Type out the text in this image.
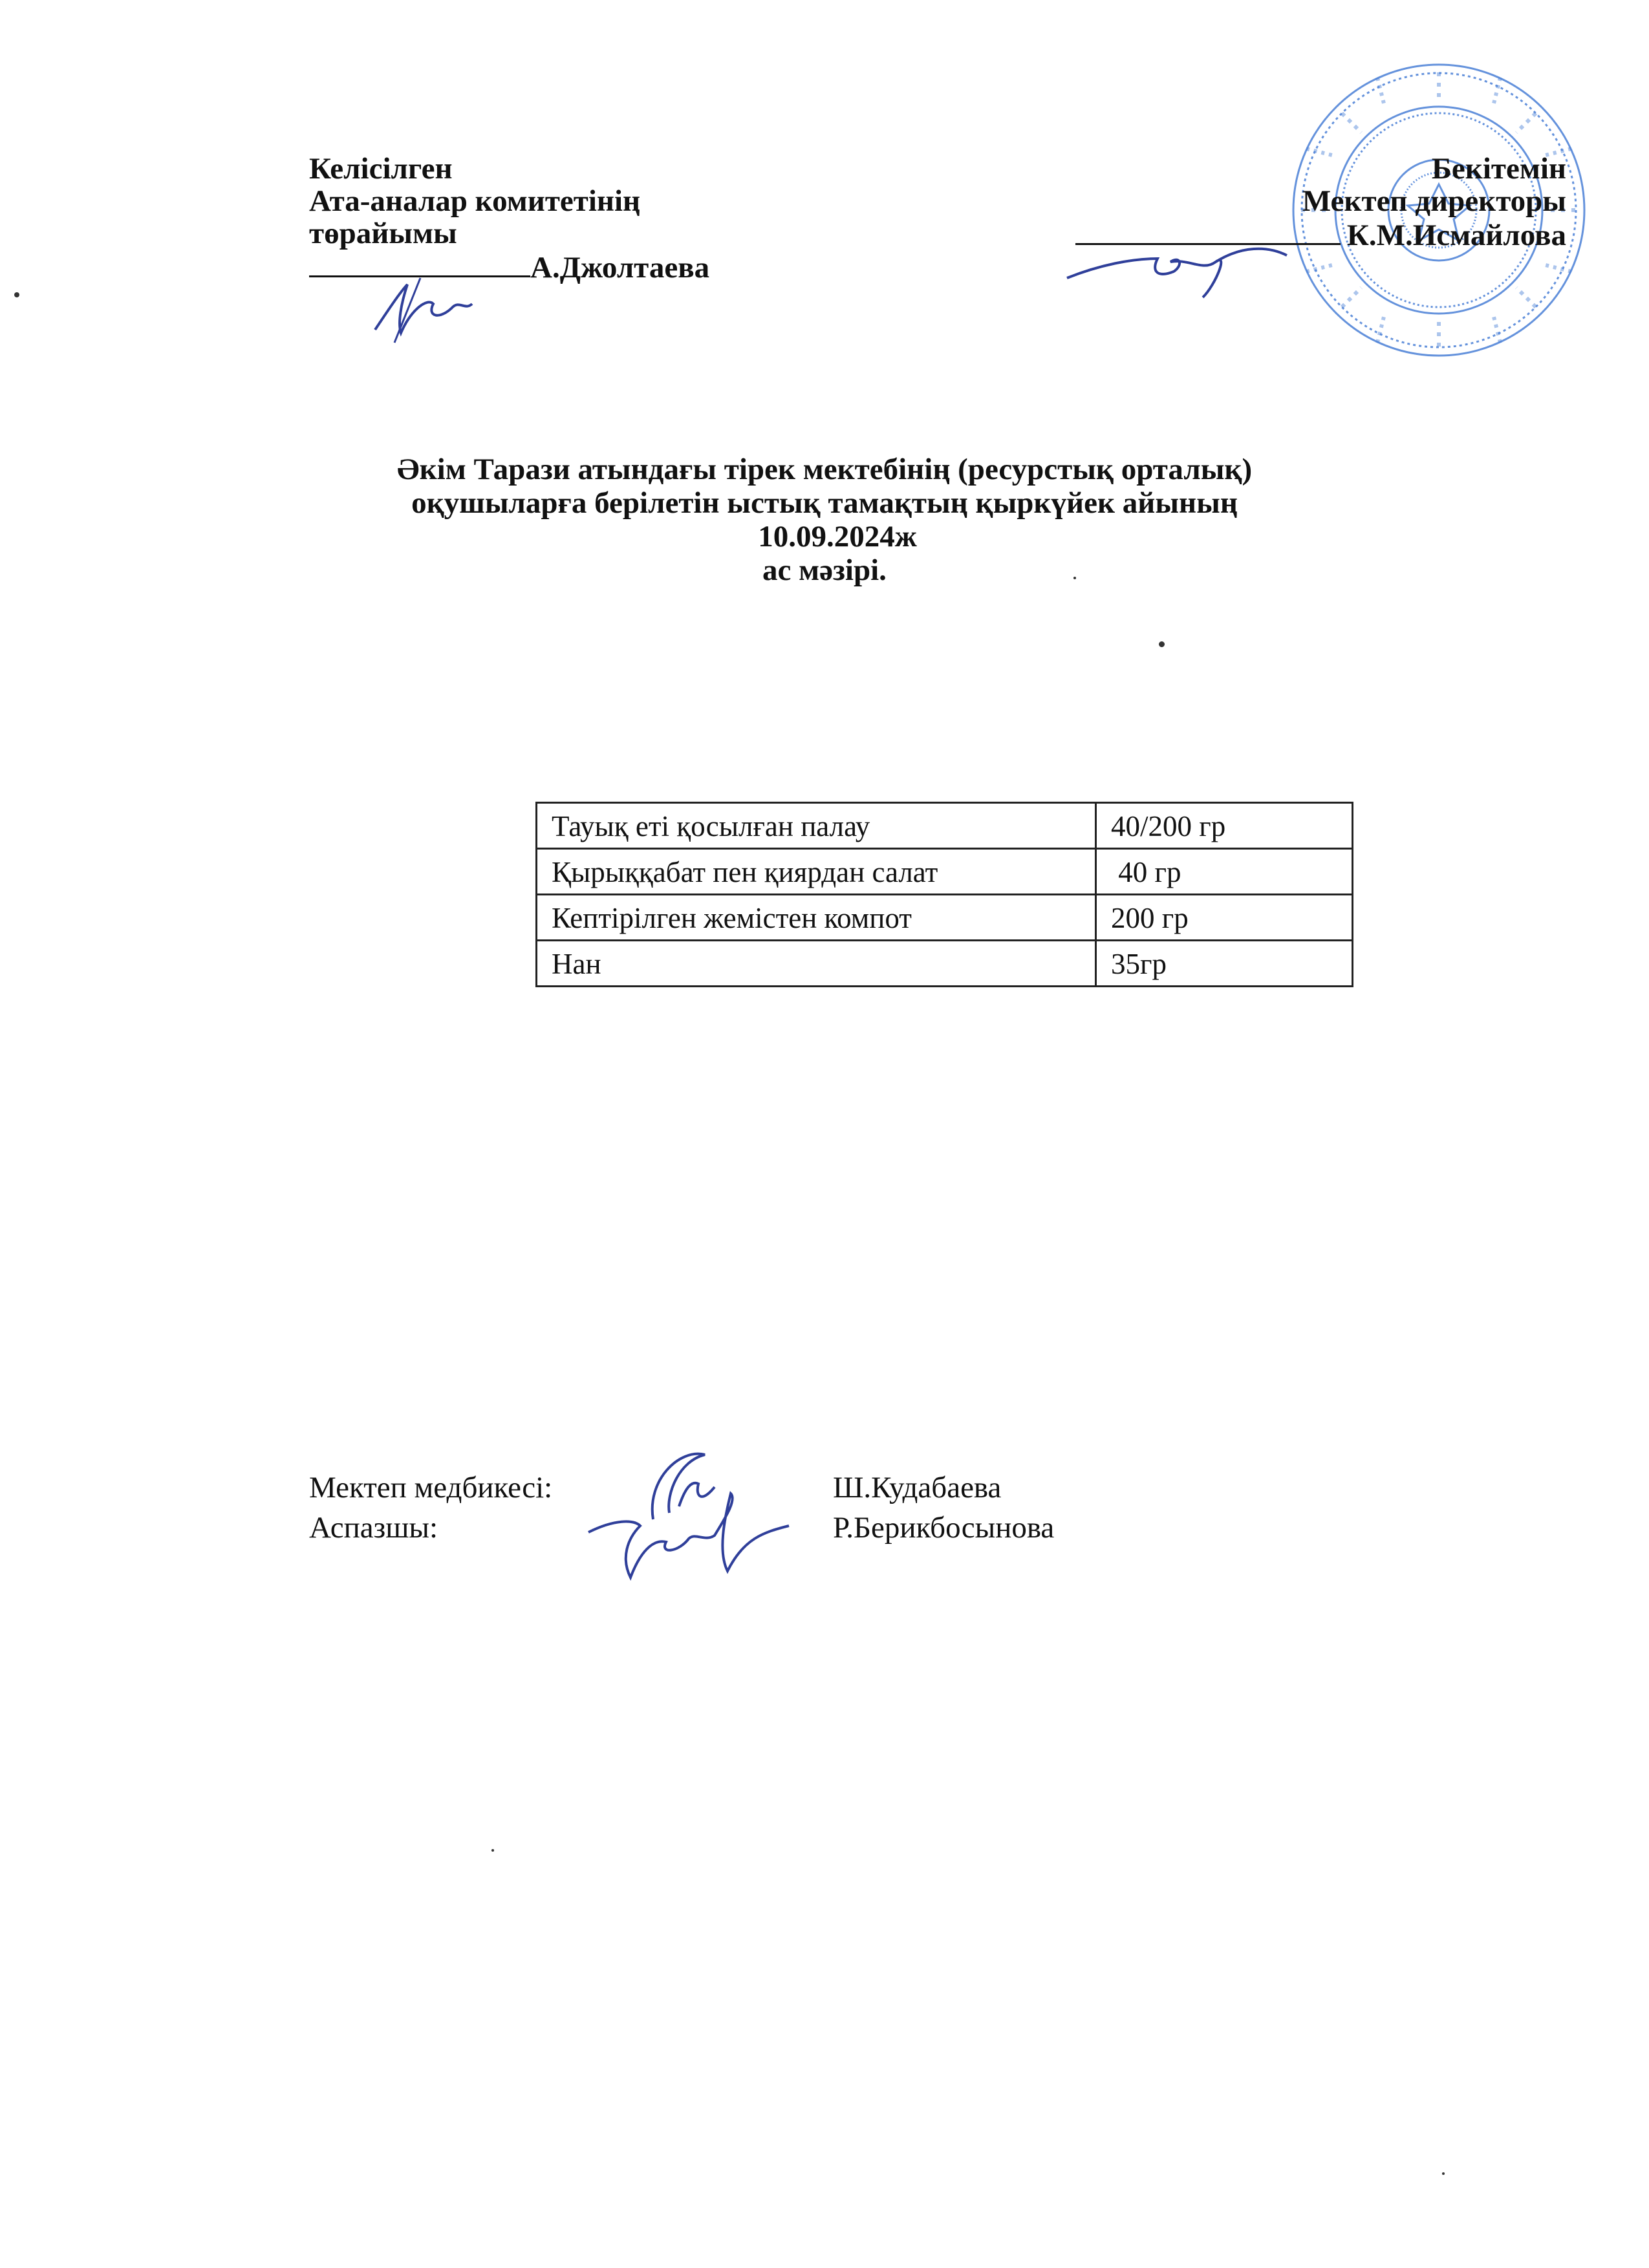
Келісілген
Ата-аналар комитетінің
төрайымы
А.Джолтаева
Бекітемін
Мектеп директоры
К.М.Исмайлова
Әкім Тарази атындағы тірек мектебінің (ресурстық орталық)
оқушыларға берілетін ыстық тамақтың қыркүйек айының
10.09.2024ж
ас мәзірі.
Тауық еті қосылған палау	40/200 гр
Қырыққабат пен қиярдан салат	40 гр
Кептірілген жемістен компот	200 гр
Нан	35гр
Мектеп медбикесі:	Ш.Кудабаева
Аспазшы:	Р.Берикбосынова
